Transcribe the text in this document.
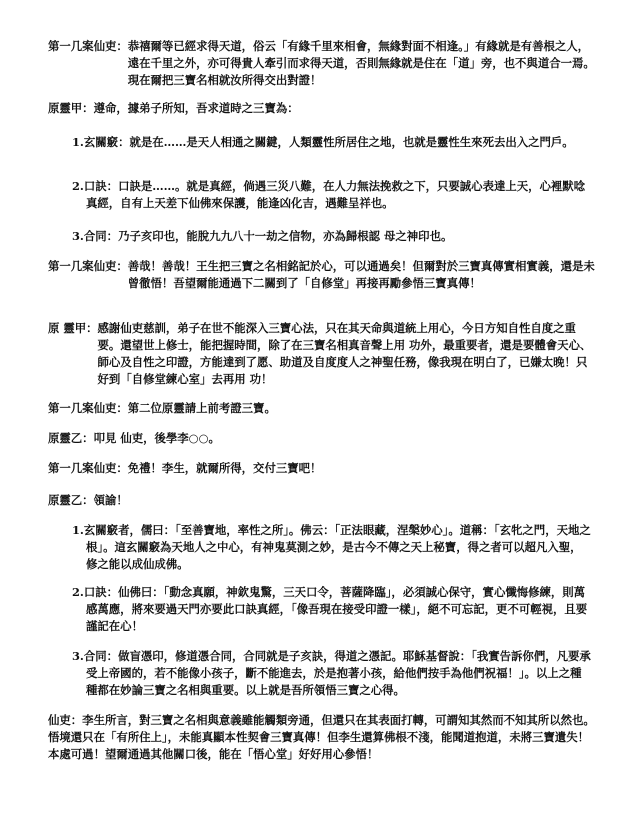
第一几案仙吏： 恭禧爾等已經求得天道，俗云「有緣千里來相會，無緣對面不相逢。」有緣就是有善根之人，遠在千里之外，亦可得貴人牽引而求得天道，否則無緣就是住在「道」旁，也不與道合一焉。現在爾把三寶名相就汝所得交出對證！
原靈甲： 遵命，據弟子所知，吾求道時之三寶為：
1.玄關竅：就是在……是天人相通之關鍵，人類靈性所居住之地，也就是靈性生來死去出入之門戶。
2.口訣：口訣是……。就是真經，倘遇三災八難，在人力無法挽救之下，只要誠心表達上天，心裡默唸真經，自有上天差下仙佛來保護，能逢凶化吉，遇難呈祥也。
3.合同：乃子亥印也，能脫九九八十一劫之信物，亦為歸根認 母之神印也。
第一几案仙吏： 善哉！善哉！王生把三寶之名相銘記於心，可以通過矣！但爾對於三寶真傳實相實義，還是未曾徹悟！吾望爾能通過下二關到了「自修堂」再接再勵參悟三寶真傳！
原 靈甲： 感謝仙吏慈訓，弟子在世不能深入三寶心法，只在其天命與道統上用心，今日方知自性自度之重要。還望世上修士，能把握時間，除了在三寶名相真音聲上用 功外，最重要者，還是要體會天心、師心及自性之印證，方能達到了愿、助道及自度度人之神聖任務，像我現在明白了，已嫌太晚！只好到「自修堂練心室」去再用 功！
第一几案仙吏： 第二位原靈請上前考證三寶。
原靈乙： 叩見 仙吏，後學李○○。
第一几案仙吏： 免禮！李生，就爾所得，交付三寶吧！
原靈乙： 領諭！
1.玄關竅者，儒曰：「至善寶地，率性之所」。佛云：「正法眼藏，涅槃妙心」。道稱：「玄牝之門，天地之根」。這玄關竅為天地人之中心，有神鬼莫測之妙，是古今不傳之天上秘寶，得之者可以超凡入聖，修之能以成仙成佛。
2.口訣：仙佛曰：「動念真願，神欽鬼驚，三天口令，菩薩降臨」，必須誠心保守，實心懺悔修練，則萬感萬應，將來要過天門亦要此口訣真經，「像吾現在接受印證一樣」，絕不可忘記，更不可輕視，且要謹記在心！
3.合同：做盲憑印，修道憑合同，合同就是子亥訣，得道之憑記。耶穌基督說：「我實告訴你們，凡要承受上帝國的，若不能像小孩子，斷不能進去，於是抱著小孩，給他們按手為他們祝福！」。以上之種種都在妙論三寶之名相與重要。以上就是吾所領悟三寶之心得。
仙吏：李生所言，對三寶之名相與意義雖能觸類旁通，但還只在其表面打轉，可謂知其然而不知其所以然也。悟境還只在「有所住上」，未能真顯本性契會三寶真傳！但李生還算佛根不淺，能聞道抱道，未將三寶遺失！本處可過！望爾通過其他關口後，能在「悟心堂」好好用心參悟！
